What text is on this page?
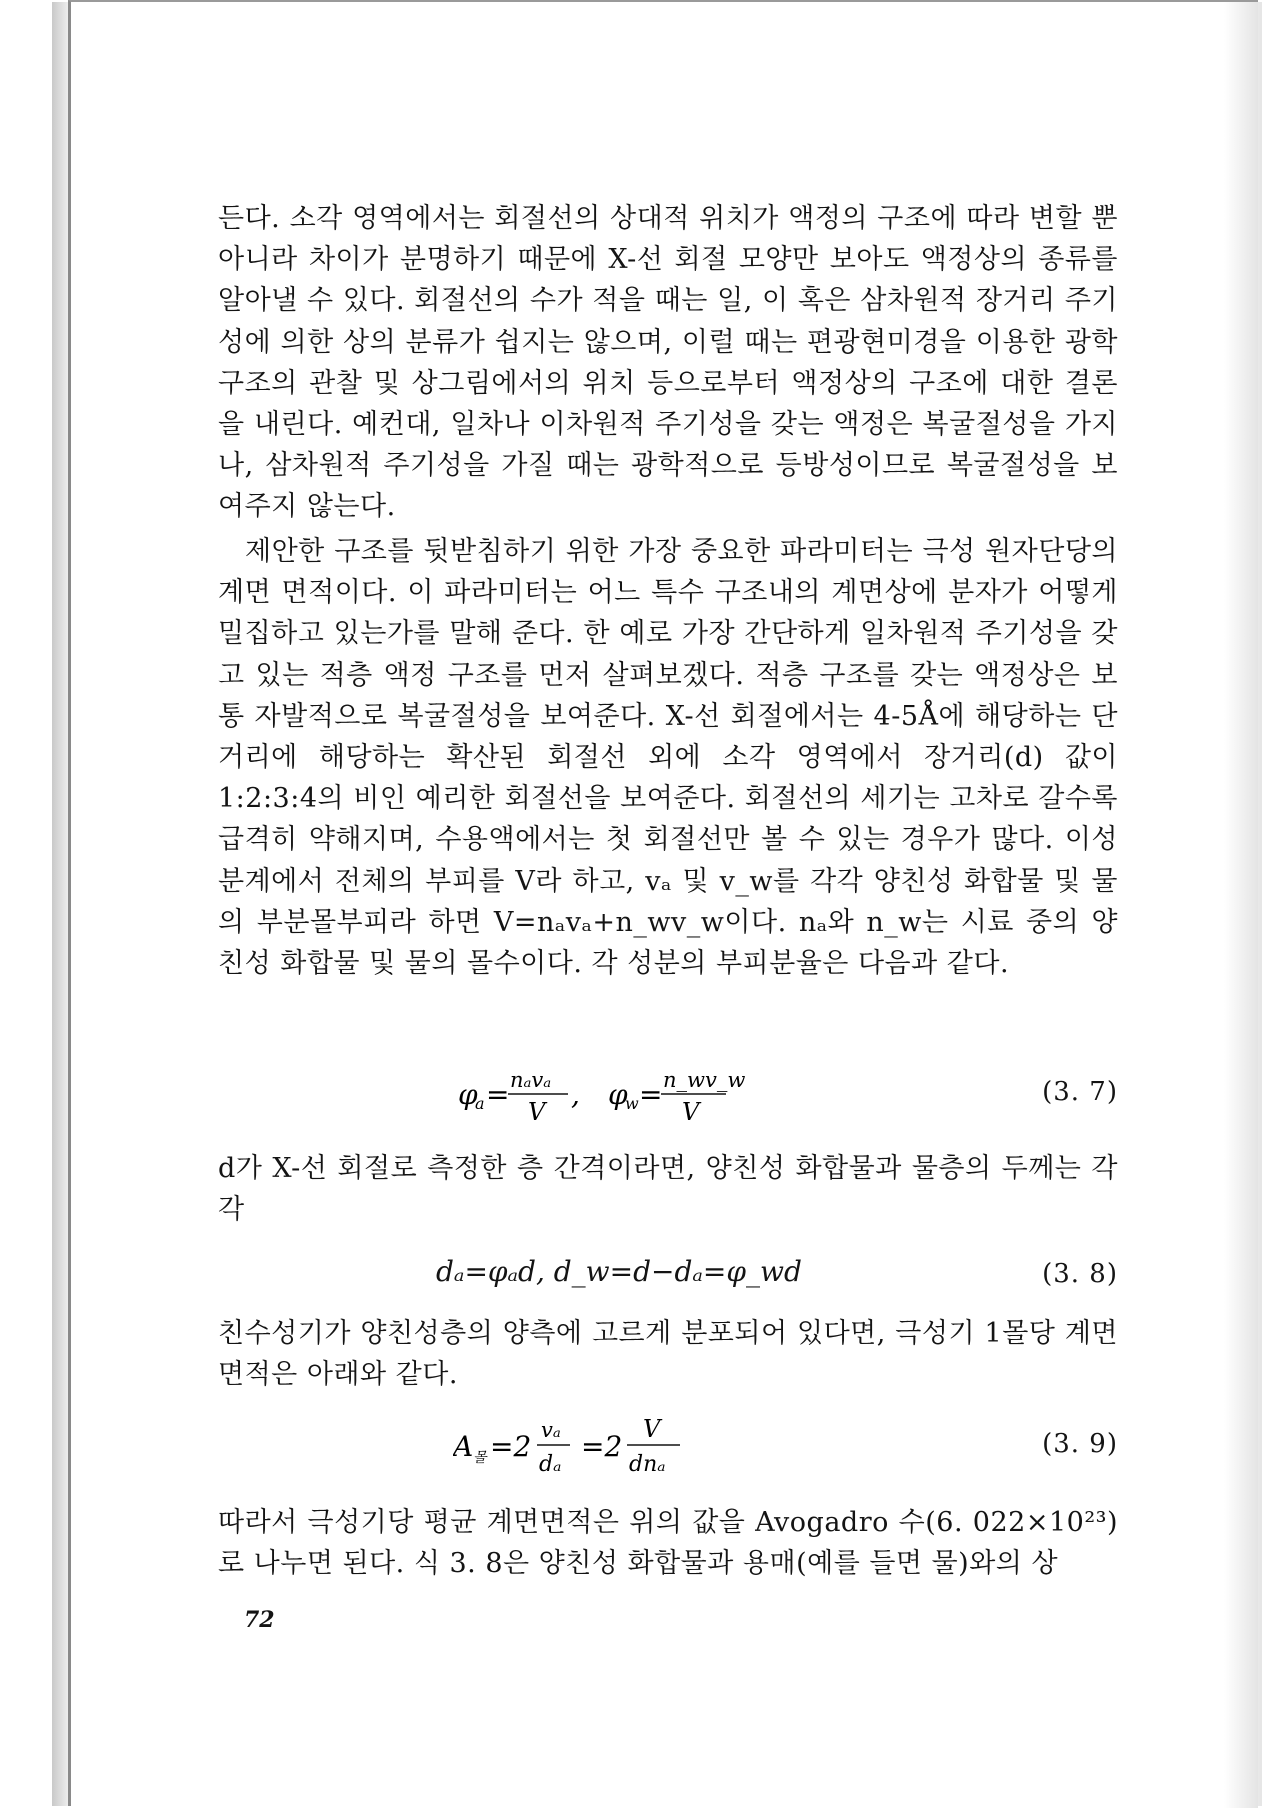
든다. 소각 영역에서는 회절선의 상대적 위치가 액정의 구조에 따라 변할 뿐 아니라 차이가 분명하기 때문에 X-선 회절 모양만 보아도 액정상의 종류를 알아낼 수 있다. 회절선의 수가 적을 때는 일, 이 혹은 삼차원적 장거리 주기성에 의한 상의 분류가 쉽지는 않으며, 이럴 때는 편광현미경을 이용한 광학 구조의 관찰 및 상그림에서의 위치 등으로부터 액정상의 구조에 대한 결론을 내린다. 예컨대, 일차나 이차원적 주기성을 갖는 액정은 복굴절성을 가지나, 삼차원적 주기성을 가질 때는 광학적으로 등방성이므로 복굴절성을 보여주지 않는다.

제안한 구조를 뒷받침하기 위한 가장 중요한 파라미터는 극성 원자단당의 계면 면적이다. 이 파라미터는 어느 특수 구조내의 계면상에 분자가 어떻게 밀집하고 있는가를 말해 준다. 한 예로 가장 간단하게 일차원적 주기성을 갖고 있는 적층 액정 구조를 먼저 살펴보겠다. 적층 구조를 갖는 액정상은 보통 자발적으로 복굴절성을 보여준다. X-선 회절에서는 4-5Å에 해당하는 단거리에 해당하는 확산된 회절선 외에 소각 영역에서 장거리(d) 값이 1:2:3:4의 비인 예리한 회절선을 보여준다. 회절선의 세기는 고차로 갈수록 급격히 약해지며, 수용액에서는 첫 회절선만 볼 수 있는 경우가 많다. 이성분계에서 전체의 부피를 V라 하고, vₐ 및 v_w를 각각 양친성 화합물 및 물의 부분몰부피라 하면 V=nₐvₐ+n_wv_w이다. nₐ와 n_w는 시료 중의 양친성 화합물 및 물의 몰수이다. 각 성분의 부피분율은 다음과 같다.

φ
a = nₐvₐ
V
, φ
w = n_wv_w
V
(3. 7)

d가 X-선 회절로 측정한 층 간격이라면, 양친성 화합물과 물층의 두께는 각각

dₐ=φₐd, d_w=d−dₐ=φ_wd	(3. 8)

친수성기가 양친성층의 양측에 고르게 분포되어 있다면, 극성기 1몰당 계면 면적은 아래와 같다.

A 몰 =2 vₐ
dₐ
=2
V
dnₐ
(3. 9)

따라서 극성기당 평균 계면면적은 위의 값을 Avogadro 수(6. 022×10²³)로 나누면 된다. 식 3. 8은 양친성 화합물과 용매(예를 들면 물)와의 상

72
